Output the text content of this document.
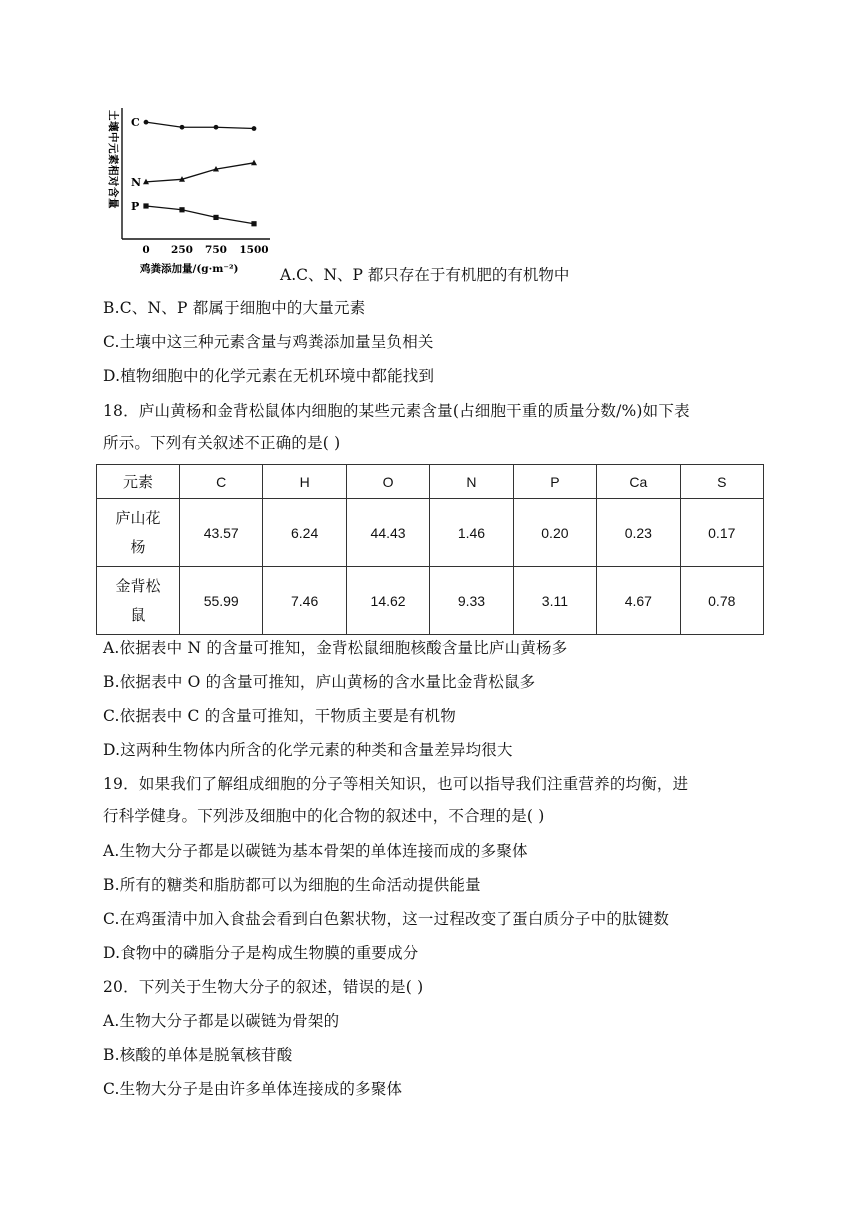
土壤中元素相对含量
0 250 750 1500
C
N
P
鸡粪添加量/(g·m⁻²)	A.C、N、P 都只存在于有机肥的有机物中
B.C、N、P 都属于细胞中的大量元素
C.土壤中这三种元素含量与鸡粪添加量呈负相关
D.植物细胞中的化学元素在无机环境中都能找到
18．庐山黄杨和金背松鼠体内细胞的某些元素含量(占细胞干重的质量分数/%)如下表
所示。下列有关叙述不正确的是( )
元素	C	H	O	N	P	Ca	S
庐山花
杨	43.57	6.24	44.43	1.46	0.20	0.23	0.17
金背松
鼠	55.99	7.46	14.62	9.33	3.11	4.67	0.78
A.依据表中 N 的含量可推知，金背松鼠细胞核酸含量比庐山黄杨多
B.依据表中 O 的含量可推知，庐山黄杨的含水量比金背松鼠多
C.依据表中 C 的含量可推知，干物质主要是有机物
D.这两种生物体内所含的化学元素的种类和含量差异均很大
19．如果我们了解组成细胞的分子等相关知识，也可以指导我们注重营养的均衡，进
行科学健身。下列涉及细胞中的化合物的叙述中，不合理的是( )
A.生物大分子都是以碳链为基本骨架的单体连接而成的多聚体
B.所有的糖类和脂肪都可以为细胞的生命活动提供能量
C.在鸡蛋清中加入食盐会看到白色絮状物，这一过程改变了蛋白质分子中的肽键数
D.食物中的磷脂分子是构成生物膜的重要成分
20．下列关于生物大分子的叙述，错误的是( )
A.生物大分子都是以碳链为骨架的
B.核酸的单体是脱氧核苷酸
C.生物大分子是由许多单体连接成的多聚体
